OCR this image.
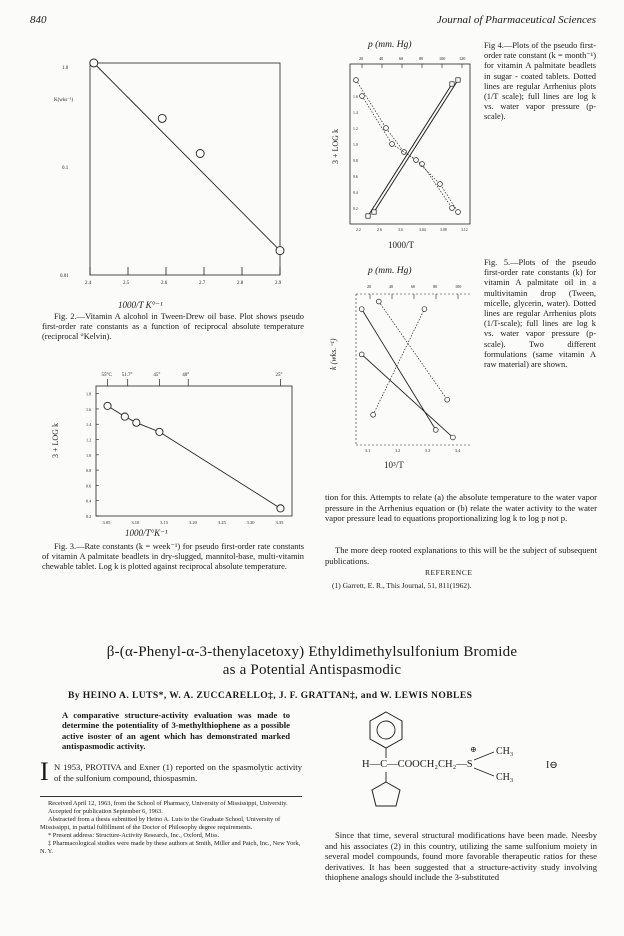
840	Journal of Pharmaceutical Sciences
1.0
K(wks⁻¹)
0.1
0.01
2.4	2.5	2.6	2.7	2.8	2.9
1000/T K°⁻¹
Fig. 2.—Vitamin A alcohol in Tween-Drew oil base. Plot shows pseudo first-order rate constants as a function of reciprocal absolute temperature (reciprocal °Kelvin).
55°C 51.7°	45°	40°	25°
1.8
1.6
1.4
1.2
1.0
0.8
0.6
0.4
0.2
3.05	3.10	3.15	3.20	3.25	3.30	3.35
3 + LOG k
1000/T°K⁻¹
Fig. 3.—Rate constants (k = week⁻¹) for pseudo first-order rate constants of vitamin A palmitate beadlets in dry-slugged, mannitol-base, multi-vitamin chewable tablet. Log k is plotted against reciprocal absolute temperature.
p (mm. Hg)
20	40	60	80	100	120
1.6
1.4
1.2
1.0
0.8
0.6
0.4
0.2
2.2	2.6	3.0	3.04	3.08	3.12
3 + LOG k
1000/T
Fig 4.—Plots of the pseudo first-order rate constant (k = month⁻¹) for vitamin A palmitate beadlets in sugar - coated tablets. Dotted lines are regular Arrhenius plots (1/T scale); full lines are log k vs. water vapor pressure (p-scale).
p (mm. Hg)
20	40	60	80	100
3.1	3.2	3.3	3.4
k (wks.⁻¹)
10³/T
Fig. 5.—Plots of the pseudo first-order rate constants (k) for vitamin A palmitate oil in a multivitamin drop (Tween, micelle, glycerin, water). Dotted lines are regular Arrhenius plots (1/T-scale); full lines are log k vs. water vapor pressure (p-scale). Two different formulations (same vitamin A raw material) are shown.
tion for this. Attempts to relate (a) the absolute temperature to the water vapor pressure in the Arrhenius equation or (b) relate the water activity to the water vapor pressure lead to equations proportionalizing log k to log p not p.
The more deep rooted explanations to this will be the subject of subsequent publications.
REFERENCE
(1) Garrett, E. R., This Journal, 51, 811(1962).
β-(α-Phenyl-α-3-thenylacetoxy) Ethyldimethylsulfonium Bromide
as a Potential Antispasmodic
By HEINO A. LUTS*, W. A. ZUCCARELLO‡, J. F. GRATTAN‡, and W. LEWIS NOBLES
A comparative structure-activity evaluation was made to determine the potentiality of 3-methylthiophene as a possible active isoster of an agent which has demonstrated marked antispasmodic activity.
H—C—COOCH₂CH₂—S
⊕ CH₃
CH₃
I⊖
I N 1953, PROTIVA and Exner (1) reported on the spasmolytic activity of the sulfonium compound, thiospasmin.
Received April 12, 1963, from the School of Pharmacy, University of Mississippi, University.
Accepted for publication September 6, 1963.
Abstracted from a thesis submitted by Heino A. Luts to the Graduate School, University of Mississippi, in partial fulfillment of the Doctor of Philosophy degree requirements.
* Present address: Structure-Activity Research, Inc., Oxford, Miss.
‡ Pharmacological studies were made by these authors at Smith, Miller and Patch, Inc., New York, N. Y.
Since that time, several structural modifications have been made. Neesby and his associates (2) in this country, utilizing the same sulfonium moiety in several model compounds, found more favorable therapeutic ratios for these derivatives. It has been suggested that a structure-activity study involving thiophene analogs should include the 3-substituted
